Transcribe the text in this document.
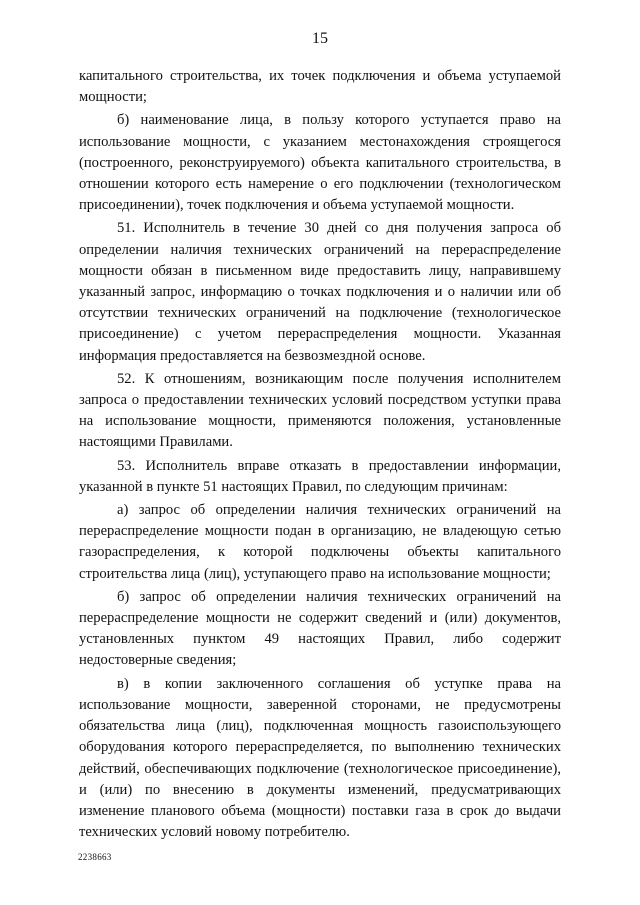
15

капитального строительства, их точек подключения и объема уступаемой мощности;

б) наименование лица, в пользу которого уступается право на использование мощности, с указанием местонахождения строящегося (построенного, реконструируемого) объекта капитального строительства, в отношении которого есть намерение о его подключении (технологическом присоединении), точек подключения и объема уступаемой мощности.

51. Исполнитель в течение 30 дней со дня получения запроса об определении наличия технических ограничений на перераспределение мощности обязан в письменном виде предоставить лицу, направившему указанный запрос, информацию о точках подключения и о наличии или об отсутствии технических ограничений на подключение (технологическое присоединение) с учетом перераспределения мощности. Указанная информация предоставляется на безвозмездной основе.

52. К отношениям, возникающим после получения исполнителем запроса о предоставлении технических условий посредством уступки права на использование мощности, применяются положения, установленные настоящими Правилами.

53. Исполнитель вправе отказать в предоставлении информации, указанной в пункте 51 настоящих Правил, по следующим причинам:

а) запрос об определении наличия технических ограничений на перераспределение мощности подан в организацию, не владеющую сетью газораспределения, к которой подключены объекты капитального строительства лица (лиц), уступающего право на использование мощности;

б) запрос об определении наличия технических ограничений на перераспределение мощности не содержит сведений и (или) документов, установленных пунктом 49 настоящих Правил, либо содержит недостоверные сведения;

в) в копии заключенного соглашения об уступке права на использование мощности, заверенной сторонами, не предусмотрены обязательства лица (лиц), подключенная мощность газоиспользующего оборудования которого перераспределяется, по выполнению технических действий, обеспечивающих подключение (технологическое присоединение), и (или) по внесению в документы изменений, предусматривающих изменение планового объема (мощности) поставки газа в срок до выдачи технических условий новому потребителю.

2238663
